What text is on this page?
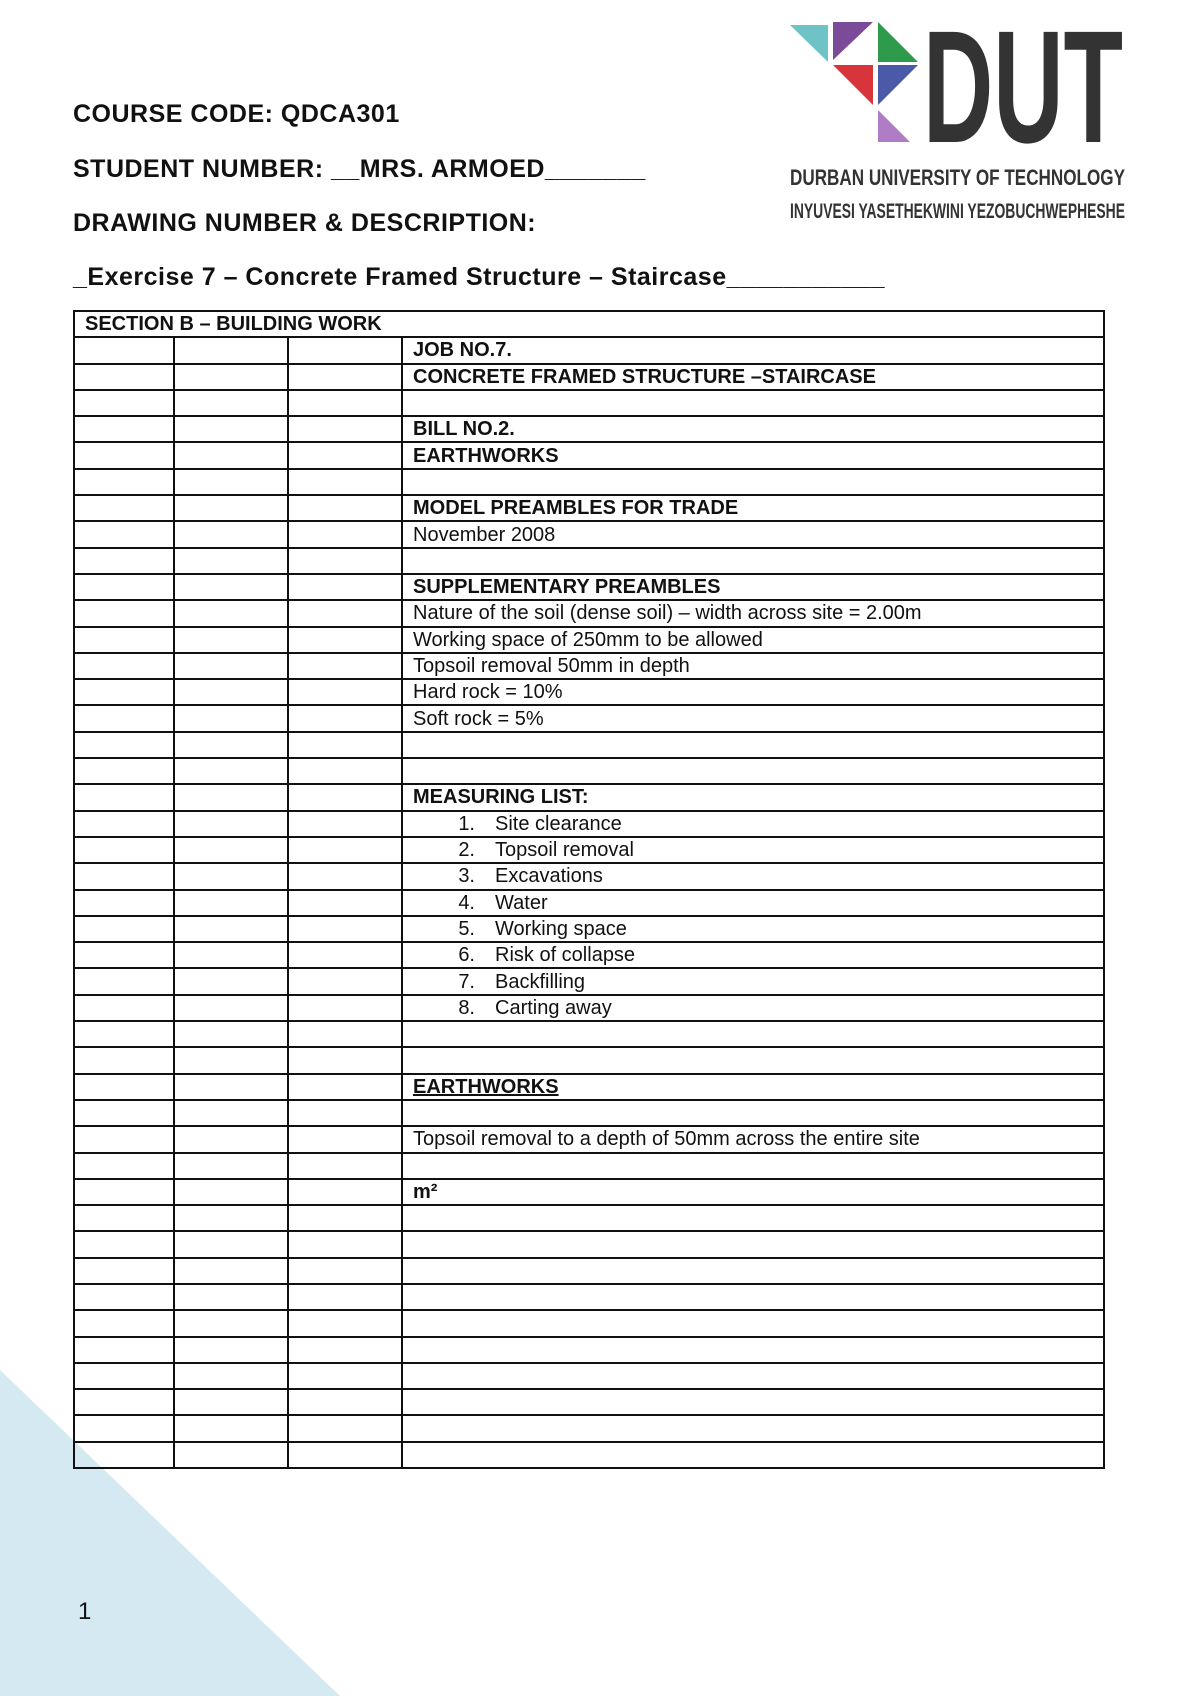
COURSE CODE: QDCA301
STUDENT NUMBER: __MRS. ARMOED_______
DRAWING NUMBER & DESCRIPTION:
_Exercise 7 – Concrete Framed Structure – Staircase___________
DUT
DURBAN UNIVERSITY OF TECHNOLOGY
INYUVESI YASETHEKWINI YEZOBUCHWEPHESHE
SECTION B – BUILDING WORK			
			JOB NO.7.
			CONCRETE FRAMED STRUCTURE –STAIRCASE

			BILL NO.2.
			EARTHWORKS

			MODEL PREAMBLES FOR TRADE
			November 2008

			SUPPLEMENTARY PREAMBLES
			Nature of the soil (dense soil) – width across site = 2.00m
			Working space of 250mm to be allowed
			Topsoil removal 50mm in depth
			Hard rock = 10%
			Soft rock = 5%

			MEASURING LIST:
			1. Site clearance
			2. Topsoil removal
			3. Excavations
			4. Water
			5. Working space
			6. Risk of collapse
			7. Backfilling
			8. Carting away

			EARTHWORKS

			Topsoil removal to a depth of 50mm across the entire site

			m²

1
